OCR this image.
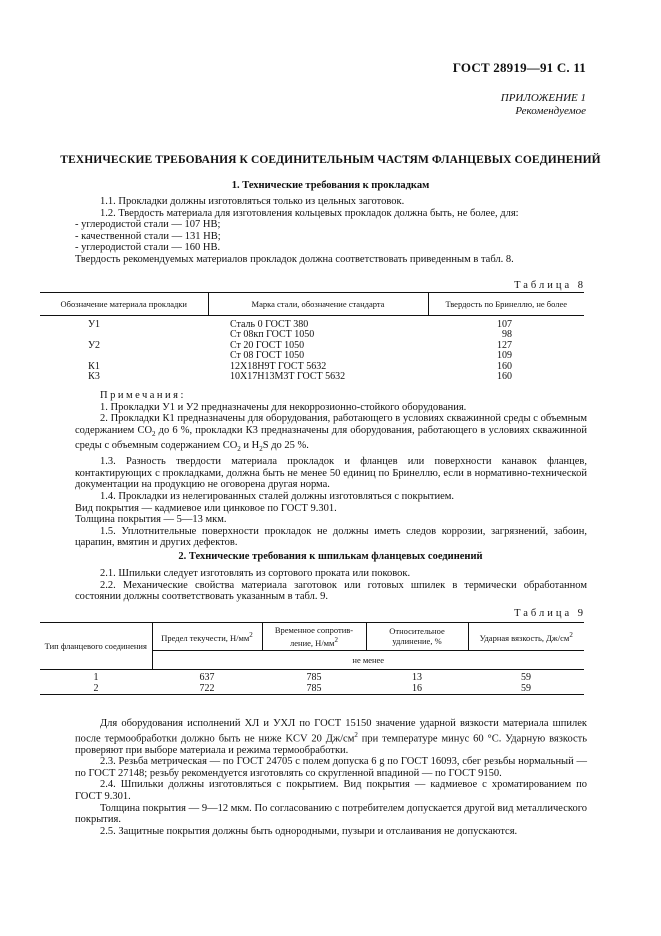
ГОСТ 28919—91 С. 11
ПРИЛОЖЕНИЕ 1
Рекомендуемое
ТЕХНИЧЕСКИЕ ТРЕБОВАНИЯ К СОЕДИНИТЕЛЬНЫМ ЧАСТЯМ ФЛАНЦЕВЫХ СОЕДИНЕНИЙ
1. Технические требования к прокладкам

1.1. Прокладки должны изготовляться только из цельных заготовок.

1.2. Твердость материала для изготовления кольцевых прокладок должна быть, не более, для:

- углеродистой стали — 107 НВ;

- качественной стали — 131 НВ;

- углеродистой стали — 160 НВ.

Твердость рекомендуемых материалов прокладок должна соответствовать приведенным в табл. 8.

Таблица 8
Обозначение материала прокладки	Марка стали, обозначение стандарта	Твердость по Бринеллю, не более

У1	Сталь 0 ГОСТ 380	107
	Ст 08кп ГОСТ 1050	98
У2	Ст 20 ГОСТ 1050	127
	Ст 08 ГОСТ 1050	109
К1	12Х18Н9Т ГОСТ 5632	160
К3	10Х17Н13М3Т ГОСТ 5632	160

Примечания:

1. Прокладки У1 и У2 предназначены для некоррозионно-стойкого оборудования.

2. Прокладки К1 предназначены для оборудования, работающего в условиях скважинной среды с объемным содержанием $CO_2$ до 6 %, прокладки К3 предназначены для оборудования, работающего в условиях скважинной среды с объемным содержанием $CO_2$ и $H_2S$ до 25 %.

1.3. Разность твердости материала прокладок и фланцев или поверхности канавок фланцев, контактирующих с прокладками, должна быть не менее 50 единиц по Бринеллю, если в нормативно-технической документации на продукцию не оговорена другая норма.

1.4. Прокладки из нелегированных сталей должны изготовляться с покрытием.

Вид покрытия — кадмиевое или цинковое по ГОСТ 9.301.

Толщина покрытия — 5—13 мкм.

1.5. Уплотнительные поверхности прокладок не должны иметь следов коррозии, загрязнений, забоин, царапин, вмятин и других дефектов.

2. Технические требования к шпилькам фланцевых соединений

2.1. Шпильки следует изготовлять из сортового проката или поковок.

2.2. Механические свойства материала заготовок или готовых шпилек в термически обработанном состоянии должны соответствовать указанным в табл. 9.

Таблица 9
Тип фланцевого соединения	Предел текучести, $Н/мм^2$	Временное сопротив-ление, $Н/мм^2$	Относительное удлинение, %	Ударная вязкость, $Дж/см^2$
	не менее			

1	637	785	13	59
2	722	785	16	59

Для оборудования исполнений ХЛ и УХЛ по ГОСТ 15150 значение ударной вязкости материала шпилек после термообработки должно быть не ниже KCV 20 $Дж/см^2$ при температуре минус 60 °С. Ударную вязкость проверяют при выборе материала и режима термообработки.

2.3. Резьба метрическая — по ГОСТ 24705 с полем допуска 6 g по ГОСТ 16093, сбег резьбы нормальный — по ГОСТ 27148; резьбу рекомендуется изготовлять со скругленной впадиной — по ГОСТ 9150.

2.4. Шпильки должны изготовляться с покрытием. Вид покрытия — кадмиевое с хроматированием по ГОСТ 9.301.

Толщина покрытия — 9—12 мкм. По согласованию с потребителем допускается другой вид металлического покрытия.

2.5. Защитные покрытия должны быть однородными, пузыри и отслаивания не допускаются.
